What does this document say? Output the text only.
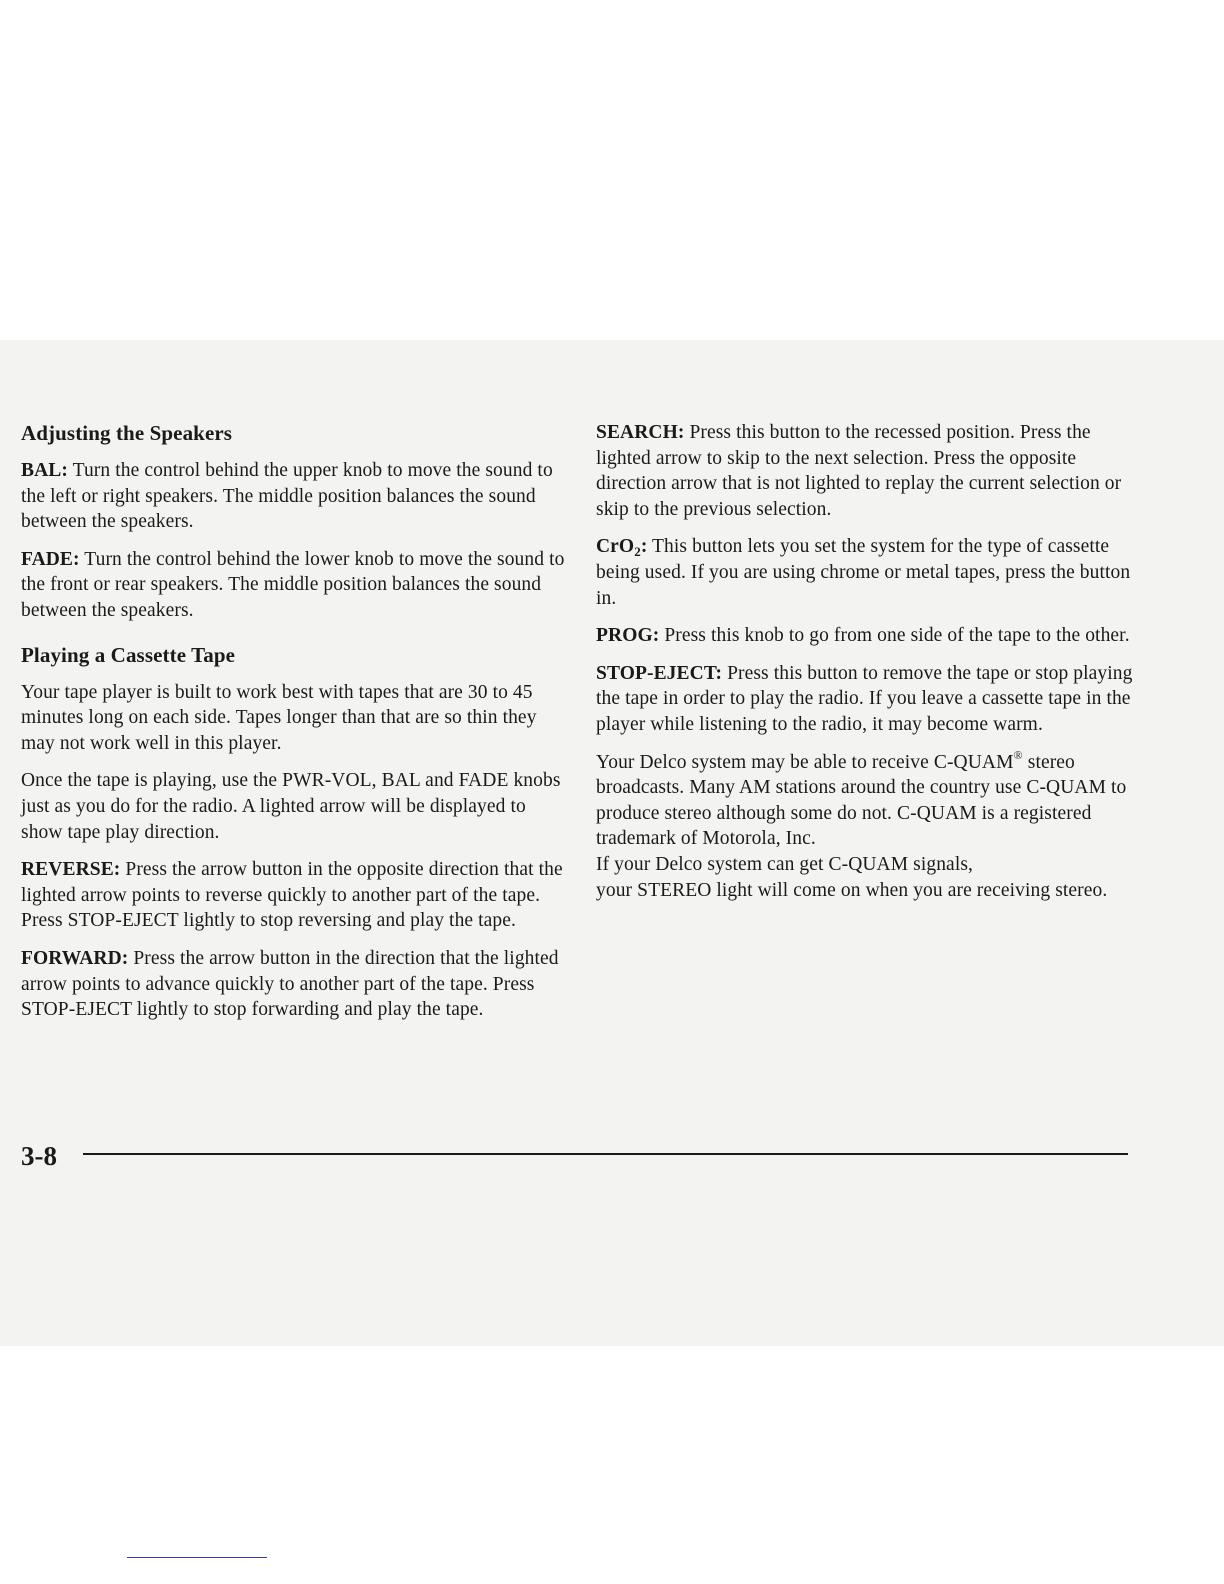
Adjusting the Speakers

BAL: Turn the control behind the upper knob to move the sound to the left or right speakers. The middle position balances the sound between the speakers.

FADE: Turn the control behind the lower knob to move the sound to the front or rear speakers. The middle position balances the sound between the speakers.

Playing a Cassette Tape

Your tape player is built to work best with tapes that are 30 to 45 minutes long on each side. Tapes longer than that are so thin they may not work well in this player.

Once the tape is playing, use the PWR-VOL, BAL and FADE knobs just as you do for the radio. A lighted arrow will be displayed to show tape play direction.

REVERSE: Press the arrow button in the opposite direction that the lighted arrow points to reverse quickly to another part of the tape. Press STOP-EJECT lightly to stop reversing and play the tape.

FORWARD: Press the arrow button in the direction that the lighted arrow points to advance quickly to another part of the tape. Press STOP-EJECT lightly to stop forwarding and play the tape.

SEARCH: Press this button to the recessed position. Press the lighted arrow to skip to the next selection. Press the opposite direction arrow that is not lighted to replay the current selection or skip to the previous selection.

CrO$_2$: This button lets you set the system for the type of cassette being used. If you are using chrome or metal tapes, press the button in.

PROG: Press this knob to go from one side of the tape to the other.

STOP-EJECT: Press this button to remove the tape or stop playing the tape in order to play the radio. If you leave a cassette tape in the player while listening to the radio, it may become warm.

Your Delco system may be able to receive C-QUAM® stereo broadcasts. Many AM stations around the country use C-QUAM to produce stereo although some do not. C-QUAM is a registered trademark of Motorola, Inc.
If your Delco system can get C-QUAM signals,
your STEREO light will come on when you are receiving stereo.

3-8
